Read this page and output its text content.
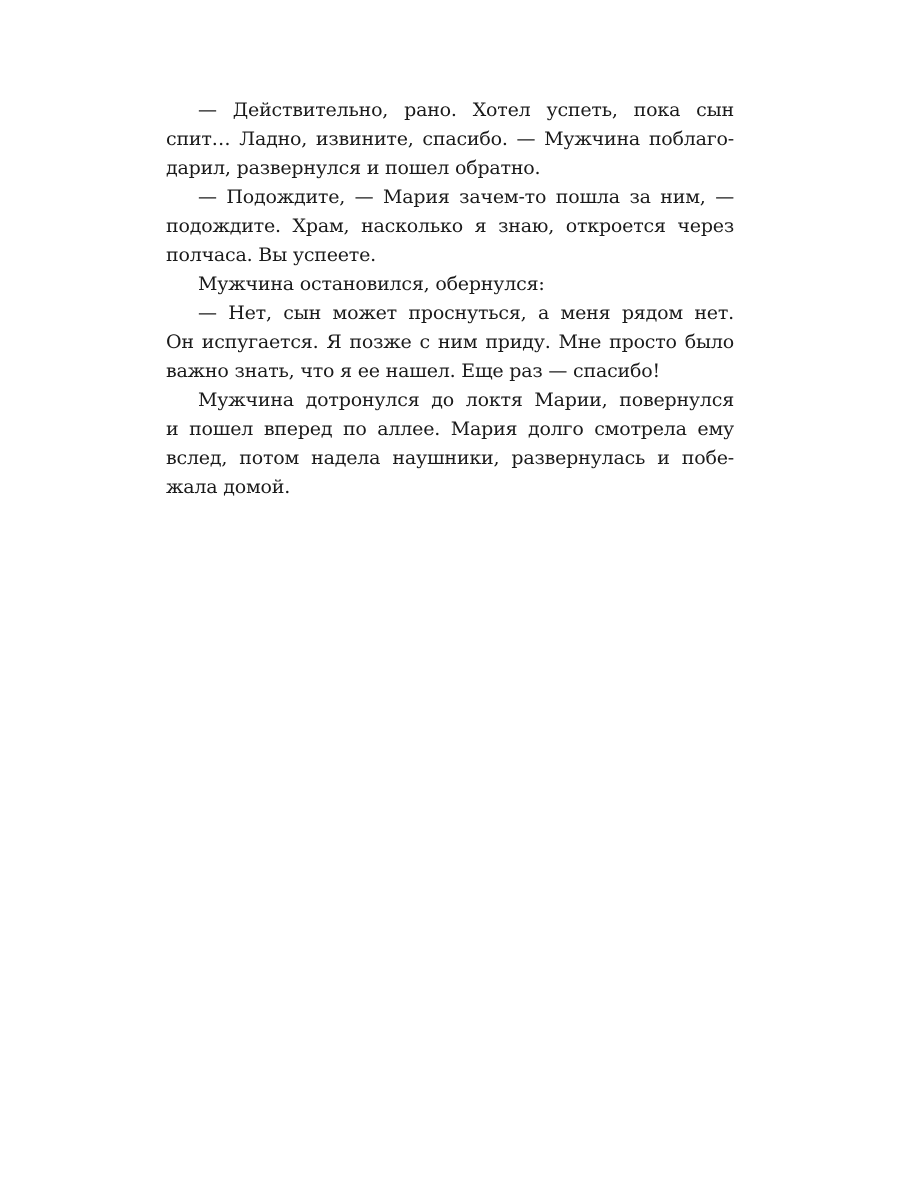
— Действительно, рано. Хотел успеть, пока сын
спит… Ладно, извините, спасибо. — Мужчина поблаго-
дарил, развернулся и пошел обратно.

— Подождите, — Мария зачем-то пошла за ним, —
подождите. Храм, насколько я знаю, откроется через
полчаса. Вы успеете.

Мужчина остановился, обернулся:

— Нет, сын может проснуться, а меня рядом нет.
Он испугается. Я позже с ним приду. Мне просто было
важно знать, что я ее нашел. Еще раз — спасибо!

Мужчина дотронулся до локтя Марии, повернулся
и пошел вперед по аллее. Мария долго смотрела ему
вслед, потом надела наушники, развернулась и побе-
жала домой.
